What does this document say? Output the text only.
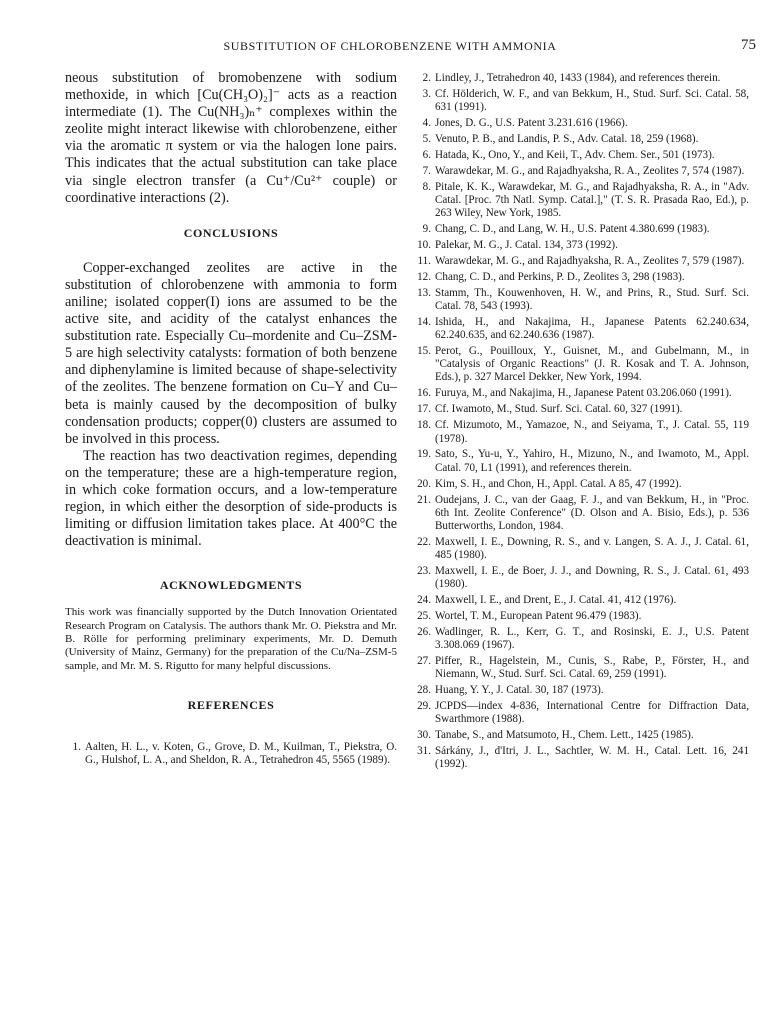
SUBSTITUTION OF CHLOROBENZENE WITH AMMONIA	75

neous substitution of bromobenzene with sodium methoxide, in which [Cu(CH₃O)₂]⁻ acts as a reaction intermediate (1). The Cu(NH₃)ₙ⁺ complexes within the zeolite might interact likewise with chlorobenzene, either via the aromatic π system or via the halogen lone pairs. This indicates that the actual substitution can take place via single electron transfer (a Cu⁺/Cu²⁺ couple) or coordinative interactions (2).

CONCLUSIONS

Copper-exchanged zeolites are active in the substitution of chlorobenzene with ammonia to form aniline; isolated copper(I) ions are assumed to be the active site, and acidity of the catalyst enhances the substitution rate. Especially Cu–mordenite and Cu–ZSM-5 are high selectivity catalysts: formation of both benzene and diphenylamine is limited because of shape-selectivity of the zeolites. The benzene formation on Cu–Y and Cu–beta is mainly caused by the decomposition of bulky condensation products; copper(0) clusters are assumed to be involved in this process.

The reaction has two deactivation regimes, depending on the temperature; these are a high-temperature region, in which coke formation occurs, and a low-temperature region, in which either the desorption of side-products is limiting or diffusion limitation takes place. At 400°C the deactivation is minimal.

ACKNOWLEDGMENTS

This work was financially supported by the Dutch Innovation Orientated Research Program on Catalysis. The authors thank Mr. O. Piekstra and Mr. B. Rölle for performing preliminary experiments, Mr. D. Demuth (University of Mainz, Germany) for the preparation of the Cu/Na–ZSM-5 sample, and Mr. M. S. Rigutto for many helpful discussions.

REFERENCES
1. Aalten, H. L., v. Koten, G., Grove, D. M., Kuilman, T., Piekstra, O. G., Hulshof, L. A., and Sheldon, R. A., Tetrahedron 45, 5565 (1989).
2. Lindley, J., Tetrahedron 40, 1433 (1984), and references therein.
3. Cf. Hölderich, W. F., and van Bekkum, H., Stud. Surf. Sci. Catal. 58, 631 (1991).
4. Jones, D. G., U.S. Patent 3.231.616 (1966).
5. Venuto, P. B., and Landis, P. S., Adv. Catal. 18, 259 (1968).
6. Hatada, K., Ono, Y., and Keii, T., Adv. Chem. Ser., 501 (1973).
7. Warawdekar, M. G., and Rajadhyaksha, R. A., Zeolites 7, 574 (1987).
8. Pitale, K. K., Warawdekar, M. G., and Rajadhyaksha, R. A., in "Adv. Catal. [Proc. 7th Natl. Symp. Catal.]," (T. S. R. Prasada Rao, Ed.), p. 263 Wiley, New York, 1985.
9. Chang, C. D., and Lang, W. H., U.S. Patent 4.380.699 (1983).
10. Palekar, M. G., J. Catal. 134, 373 (1992).
11. Warawdekar, M. G., and Rajadhyaksha, R. A., Zeolites 7, 579 (1987).
12. Chang, C. D., and Perkins, P. D., Zeolites 3, 298 (1983).
13. Stamm, Th., Kouwenhoven, H. W., and Prins, R., Stud. Surf. Sci. Catal. 78, 543 (1993).
14. Ishida, H., and Nakajima, H., Japanese Patents 62.240.634, 62.240.635, and 62.240.636 (1987).
15. Perot, G., Pouilloux, Y., Guisnet, M., and Gubelmann, M., in "Catalysis of Organic Reactions" (J. R. Kosak and T. A. Johnson, Eds.), p. 327 Marcel Dekker, New York, 1994.
16. Furuya, M., and Nakajima, H., Japanese Patent 03.206.060 (1991).
17. Cf. Iwamoto, M., Stud. Surf. Sci. Catal. 60, 327 (1991).
18. Cf. Mizumoto, M., Yamazoe, N., and Seiyama, T., J. Catal. 55, 119 (1978).
19. Sato, S., Yu-u, Y., Yahiro, H., Mizuno, N., and Iwamoto, M., Appl. Catal. 70, L1 (1991), and references therein.
20. Kim, S. H., and Chon, H., Appl. Catal. A 85, 47 (1992).
21. Oudejans, J. C., van der Gaag, F. J., and van Bekkum, H., in "Proc. 6th Int. Zeolite Conference" (D. Olson and A. Bisio, Eds.), p. 536 Butterworths, London, 1984.
22. Maxwell, I. E., Downing, R. S., and v. Langen, S. A. J., J. Catal. 61, 485 (1980).
23. Maxwell, I. E., de Boer, J. J., and Downing, R. S., J. Catal. 61, 493 (1980).
24. Maxwell, I. E., and Drent, E., J. Catal. 41, 412 (1976).
25. Wortel, T. M., European Patent 96.479 (1983).
26. Wadlinger, R. L., Kerr, G. T., and Rosinski, E. J., U.S. Patent 3.308.069 (1967).
27. Piffer, R., Hagelstein, M., Cunis, S., Rabe, P., Förster, H., and Niemann, W., Stud. Surf. Sci. Catal. 69, 259 (1991).
28. Huang, Y. Y., J. Catal. 30, 187 (1973).
29. JCPDS—index 4-836, International Centre for Diffraction Data, Swarthmore (1988).
30. Tanabe, S., and Matsumoto, H., Chem. Lett., 1425 (1985).
31. Sárkány, J., d'Itri, J. L., Sachtler, W. M. H., Catal. Lett. 16, 241 (1992).
